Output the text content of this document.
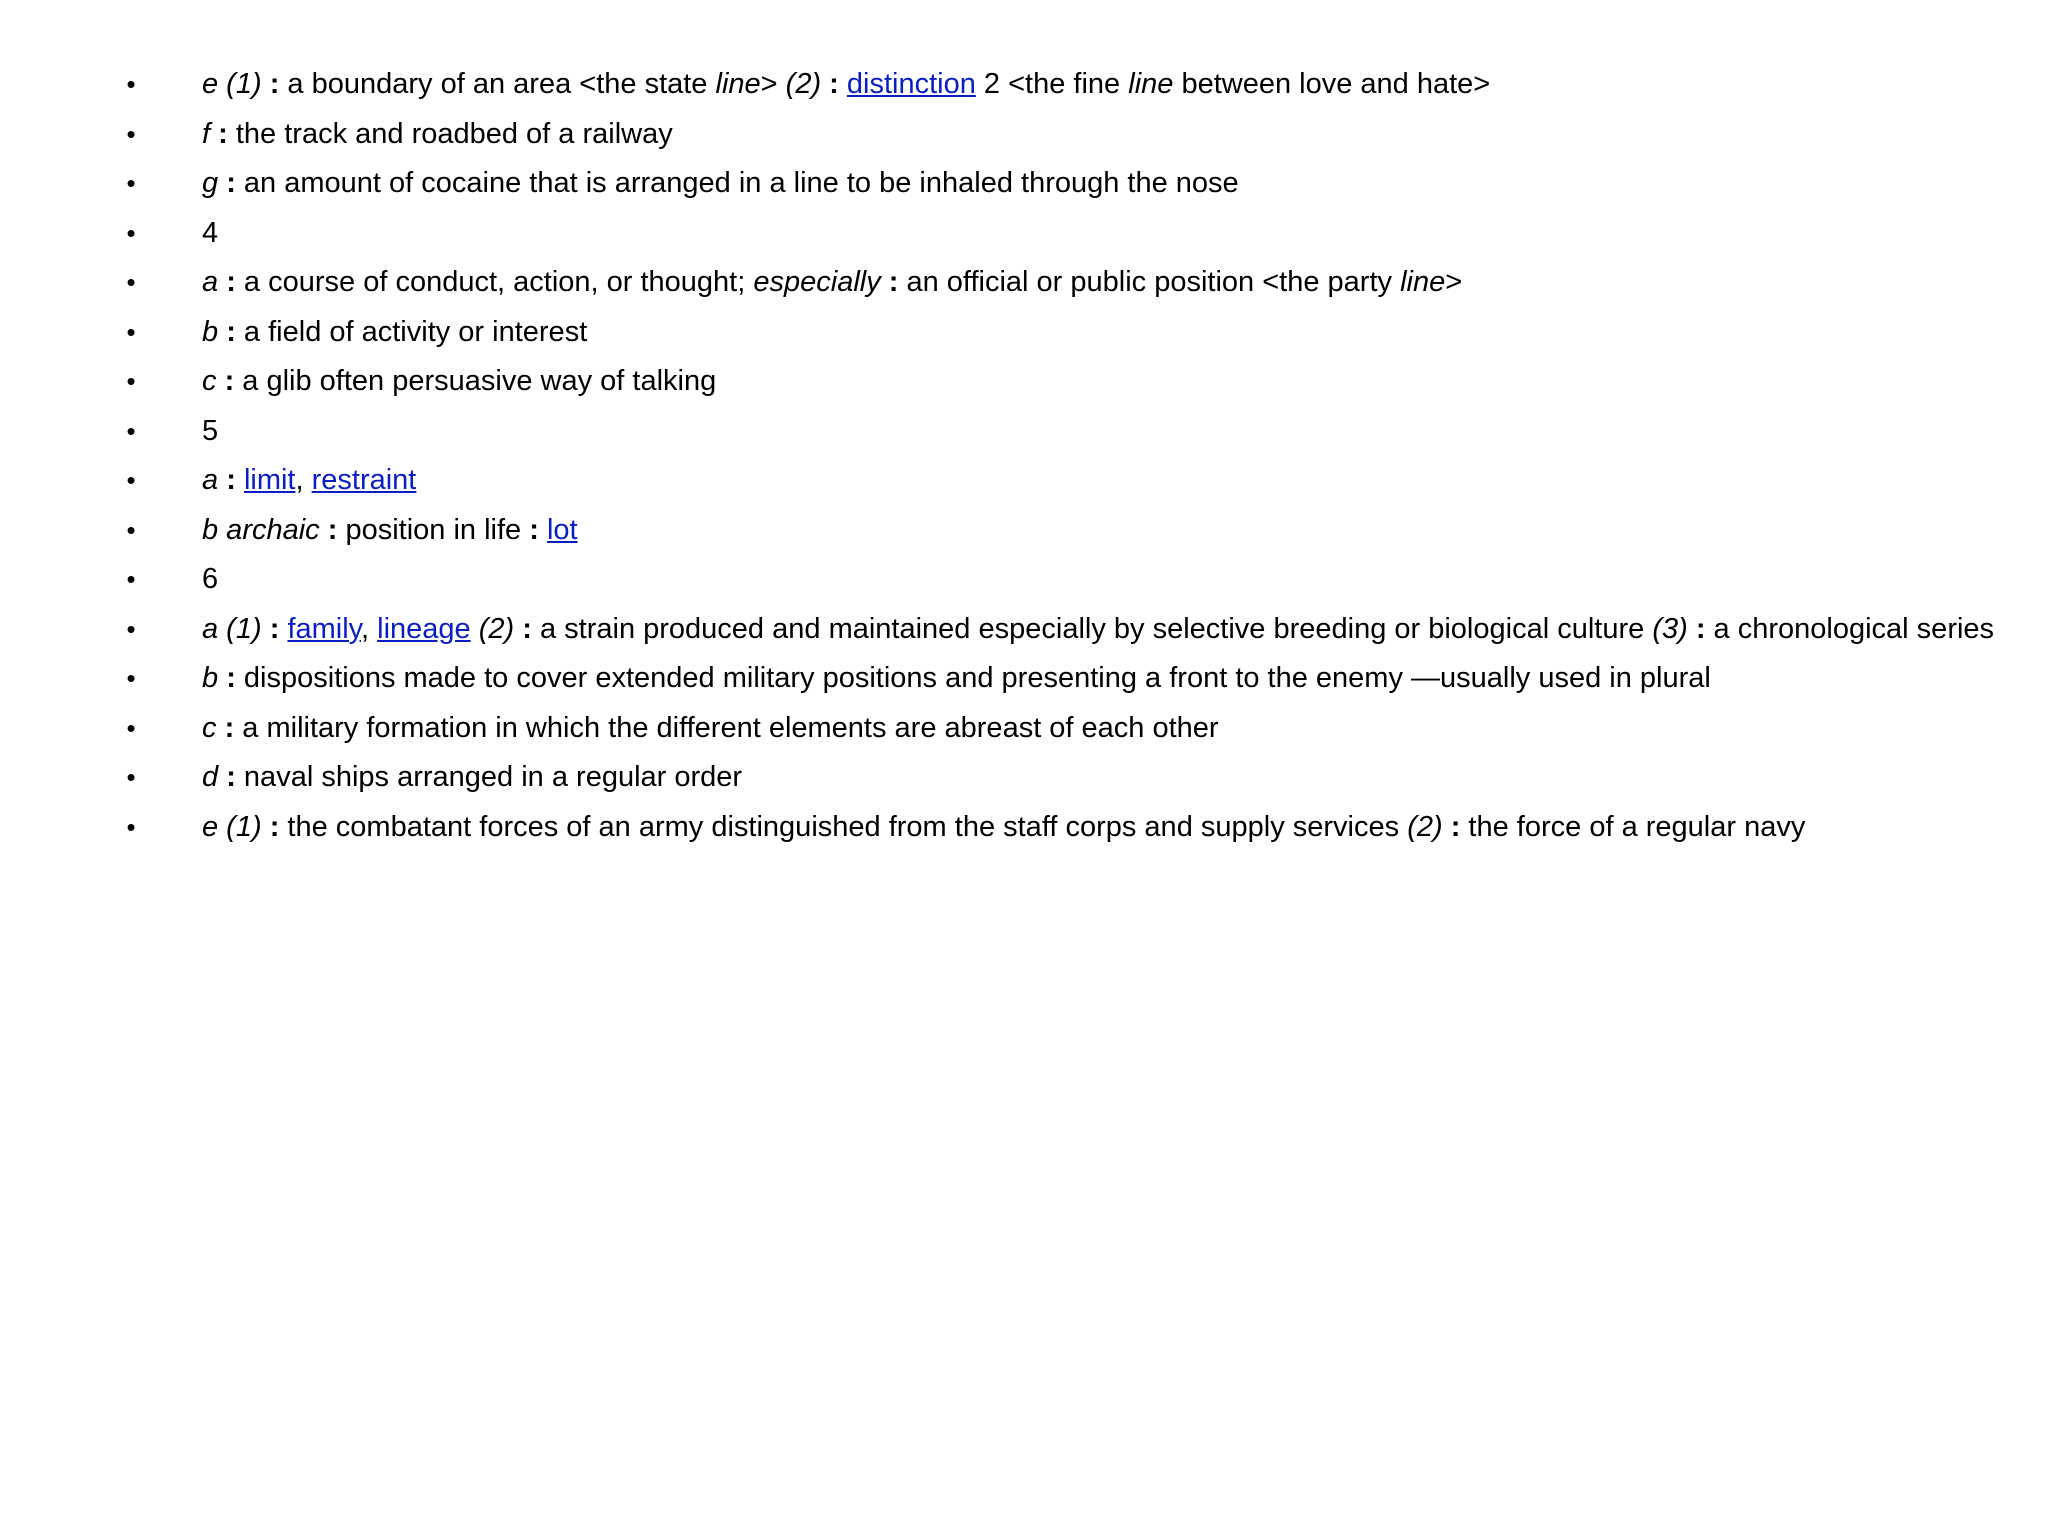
• e (1) : a boundary of an area <the state line> (2) : distinction 2 <the fine line between love and hate>
• f : the track and roadbed of a railway
• g : an amount of cocaine that is arranged in a line to be inhaled through the nose
• 4
• a : a course of conduct, action, or thought; especially : an official or public position <the party line>
• b : a field of activity or interest
• c : a glib often persuasive way of talking
• 5
• a : limit, restraint
• b archaic : position in life : lot
• 6
• a (1) : family, lineage (2) : a strain produced and maintained especially by selective breeding or biological culture (3) : a chronological series
• b : dispositions made to cover extended military positions and presenting a front to the enemy —usually used in plural
• c : a military formation in which the different elements are abreast of each other
• d : naval ships arranged in a regular order
• e (1) : the combatant forces of an army distinguished from the staff corps and supply services (2) : the force of a regular navy
